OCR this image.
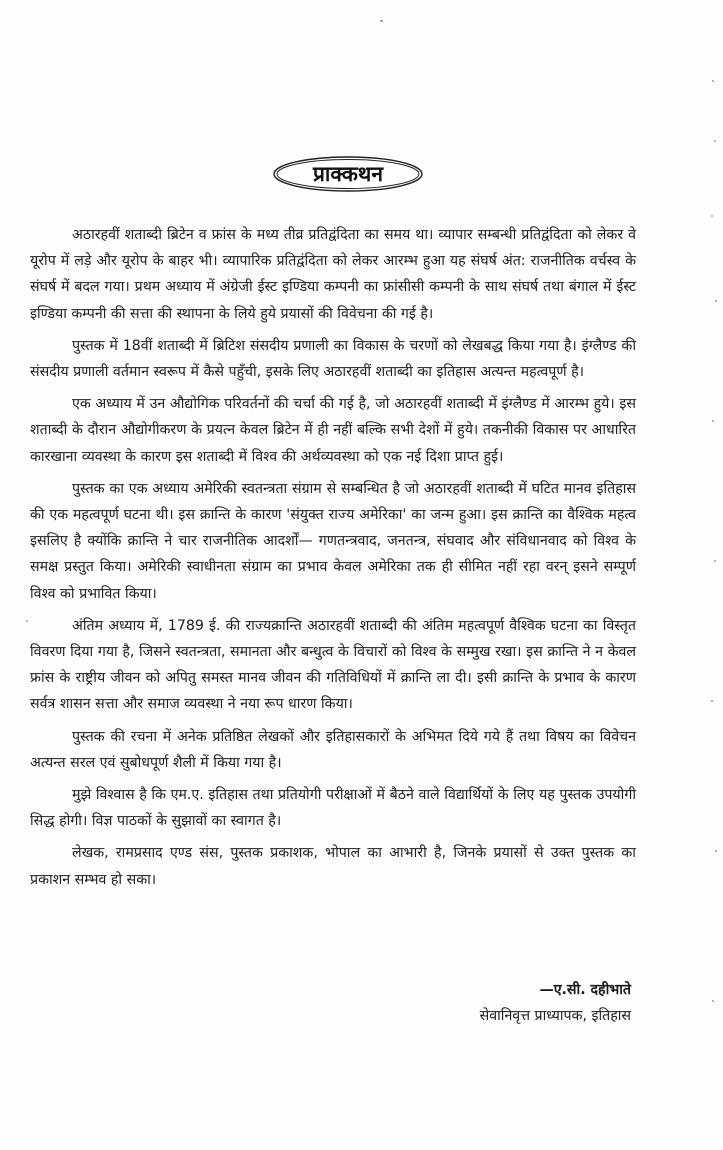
प्राक्कथन

अठारहवीं शताब्दी ब्रिटेन व फ्रांस के मध्य तीव्र प्रतिद्वंदिता का समय था। व्यापार सम्बन्धी प्रतिद्वंदिता को लेकर वे यूरोप में लड़े और यूरोप के बाहर भी। व्यापारिक प्रतिद्वंदिता को लेकर आरम्भ हुआ यह संघर्ष अंत: राजनीतिक वर्चस्व के संघर्ष में बदल गया। प्रथम अध्याय में अंग्रेजी ईस्ट इण्डिया कम्पनी का फ्रांसीसी कम्पनी के साथ संघर्ष तथा बंगाल में ईस्ट इण्डिया कम्पनी की सत्ता की स्थापना के लिये हुये प्रयासों की विवेचना की गई है।

पुस्तक में 18वीं शताब्दी में ब्रिटिश संसदीय प्रणाली का विकास के चरणों को लेखबद्ध किया गया है। इंग्लैण्ड की संसदीय प्रणाली वर्तमान स्वरूप में कैसे पहुँची, इसके लिए अठारहवीं शताब्दी का इतिहास अत्यन्त महत्वपूर्ण है।

एक अध्याय में उन औद्योगिक परिवर्तनों की चर्चा की गई है, जो अठारहवीं शताब्दी में इंग्लैण्ड में आरम्भ हुये। इस शताब्दी के दौरान औद्योगीकरण के प्रयत्न केवल ब्रिटेन में ही नहीं बल्कि सभी देशों में हुये। तकनीकी विकास पर आधारित कारखाना व्यवस्था के कारण इस शताब्दी में विश्व की अर्थव्यवस्था को एक नई दिशा प्राप्त हुई।

पुस्तक का एक अध्याय अमेरिकी स्वतन्त्रता संग्राम से सम्बन्धित है जो अठारहवीं शताब्दी में घटित मानव इतिहास की एक महत्वपूर्ण घटना थी। इस क्रान्ति के कारण 'संयुक्त राज्य अमेरिका' का जन्म हुआ। इस क्रान्ति का वैश्विक महत्व इसलिए है क्योंकि क्रान्ति ने चार राजनीतिक आदर्शों— गणतन्त्रवाद, जनतन्त्र, संघवाद और संविधानवाद को विश्व के समक्ष प्रस्तुत किया। अमेरिकी स्वाधीनता संग्राम का प्रभाव केवल अमेरिका तक ही सीमित नहीं रहा वरन् इसने सम्पूर्ण विश्व को प्रभावित किया।

अंतिम अध्याय में, 1789 ई. की राज्यक्रान्ति अठारहवीं शताब्दी की अंतिम महत्वपूर्ण वैश्विक घटना का विस्तृत विवरण दिया गया है, जिसने स्वतन्त्रता, समानता और बन्धुत्व के विचारों को विश्व के सम्मुख रखा। इस क्रान्ति ने न केवल फ्रांस के राष्ट्रीय जीवन को अपितु समस्त मानव जीवन की गतिविधियों में क्रान्ति ला दी। इसी क्रान्ति के प्रभाव के कारण सर्वत्र शासन सत्ता और समाज व्यवस्था ने नया रूप धारण किया।

पुस्तक की रचना में अनेक प्रतिष्ठित लेखकों और इतिहासकारों के अभिमत दिये गये हैं तथा विषय का विवेचन अत्यन्त सरल एवं सुबोधपूर्ण शैली में किया गया है।

मुझे विश्वास है कि एम.ए. इतिहास तथा प्रतियोगी परीक्षाओं में बैठने वाले विद्यार्थियों के लिए यह पुस्तक उपयोगी सिद्ध होगी। विज्ञ पाठकों के सुझावों का स्वागत है।

लेखक, रामप्रसाद एण्ड संस, पुस्तक प्रकाशक, भोपाल का आभारी है, जिनके प्रयासों से उक्त पुस्तक का प्रकाशन सम्भव हो सका।

—ए.सी. दहीभाते
सेवानिवृत्त प्राध्यापक, इतिहास
